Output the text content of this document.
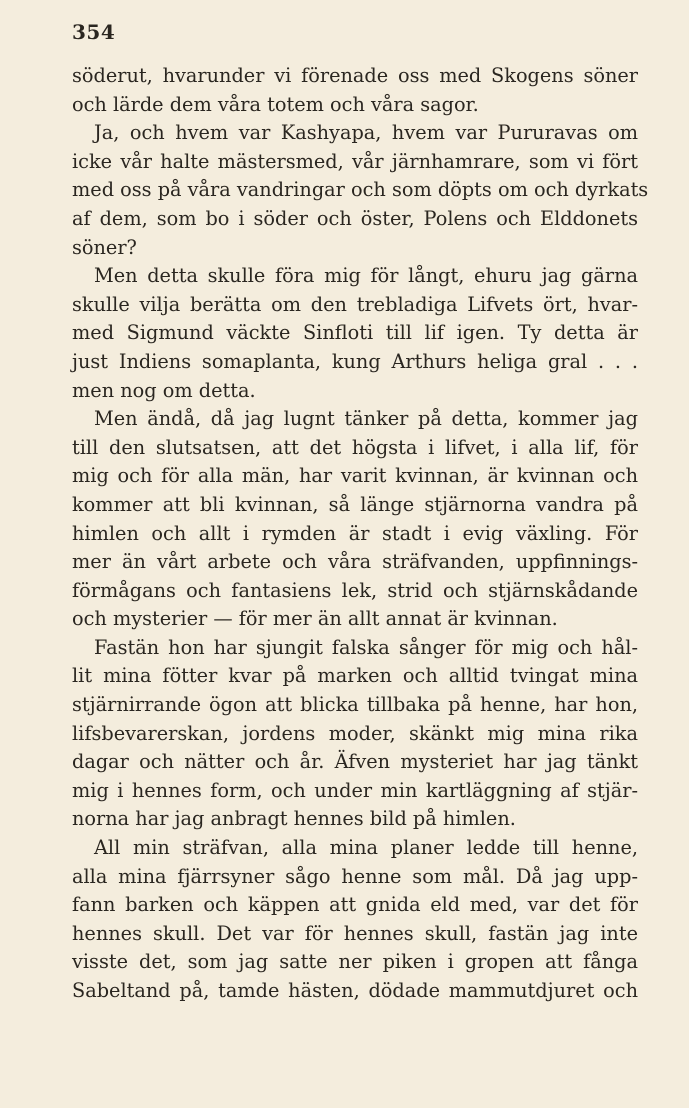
354
söderut, hvarunder vi förenade oss med Skogens söner
och lärde dem våra totem och våra sagor.
Ja, och hvem var Kashyapa, hvem var Pururavas om
icke vår halte mästersmed, vår järnhamrare, som vi fört
med oss på våra vandringar och som döpts om och dyrkats
af dem, som bo i söder och öster, Polens och Elddonets
söner?
Men detta skulle föra mig för långt, ehuru jag gärna
skulle vilja berätta om den trebladiga Lifvets ört, hvar-
med Sigmund väckte Sinfloti till lif igen. Ty detta är
just Indiens somaplanta, kung Arthurs heliga gral . . .
men nog om detta.
Men ändå, då jag lugnt tänker på detta, kommer jag
till den slutsatsen, att det högsta i lifvet, i alla lif, för
mig och för alla män, har varit kvinnan, är kvinnan och
kommer att bli kvinnan, så länge stjärnorna vandra på
himlen och allt i rymden är stadt i evig växling. För
mer än vårt arbete och våra sträfvanden, uppfinnings-
förmågans och fantasiens lek, strid och stjärnskådande
och mysterier — för mer än allt annat är kvinnan.
Fastän hon har sjungit falska sånger för mig och hål-
lit mina fötter kvar på marken och alltid tvingat mina
stjärnirrande ögon att blicka tillbaka på henne, har hon,
lifsbevarerskan, jordens moder, skänkt mig mina rika
dagar och nätter och år. Äfven mysteriet har jag tänkt
mig i hennes form, och under min kartläggning af stjär-
norna har jag anbragt hennes bild på himlen.
All min sträfvan, alla mina planer ledde till henne,
alla mina fjärrsyner sågo henne som mål. Då jag upp-
fann barken och käppen att gnida eld med, var det för
hennes skull. Det var för hennes skull, fastän jag inte
visste det, som jag satte ner piken i gropen att fånga
Sabeltand på, tamde hästen, dödade mammutdjuret och
